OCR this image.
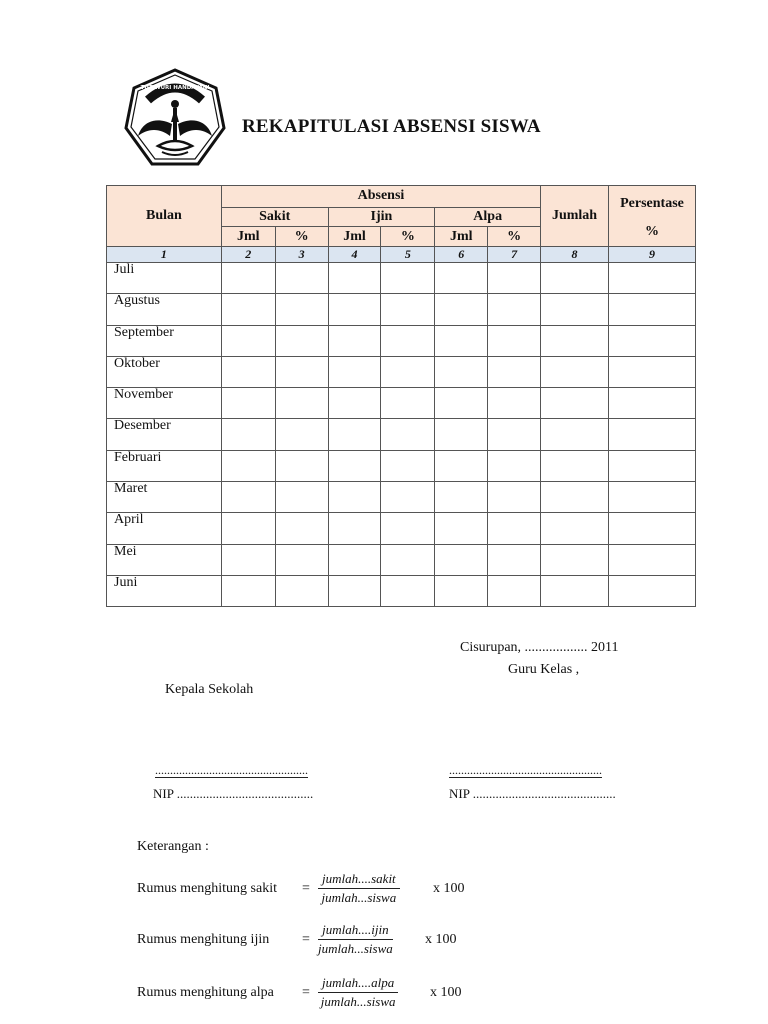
TUT WURI HANDAYANI
REKAPITULASI ABSENSI SISWA
Bulan	Absensi						Jumlah	Persentase
%

	Sakit		Ijin		Alpa			
	Jml	%	Jml	%	Jml	%		
1	2	3	4	5	6	7	8	9
Juli								
Agustus								
September								
Oktober								
November								
Desember								
Februari								
Maret								
April								
Mei								
Juni								
Cisurupan, .................. 2011
Guru Kelas ,
Kepala Sekolah
...................................................	...................................................
NIP ..........................................	NIP ............................................
Keterangan :
Rumus menghitung sakit =
jumlah....sakit
jumlah...siswa
x 100
Rumus menghitung ijin =
jumlah....ijin
jumlah...siswa
x 100
Rumus menghitung alpa =
jumlah....alpa
jumlah...siswa
x 100
